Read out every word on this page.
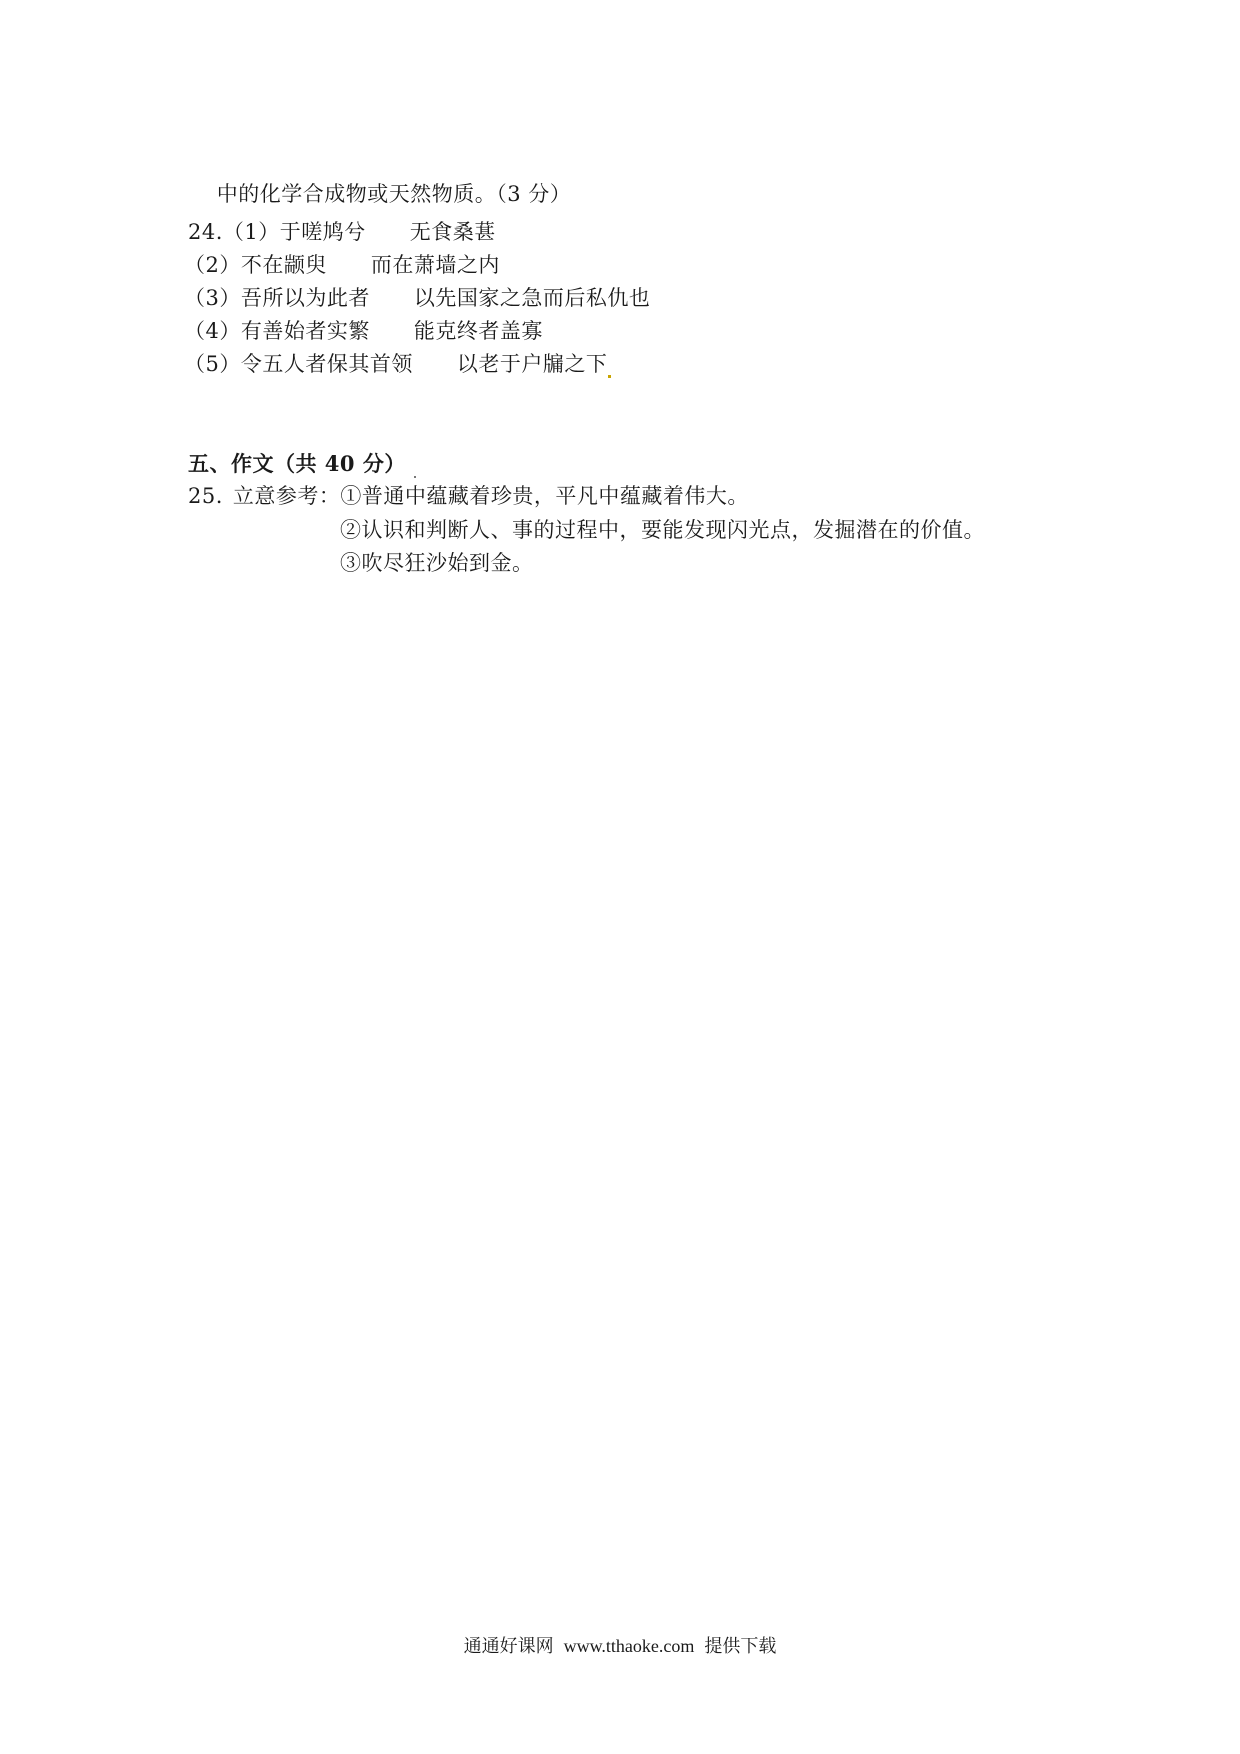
中的化学合成物或天然物质。（3 分）

24.（1）于嗟鸠兮 无食桑葚
（2）不在颛臾 而在萧墙之内
（3）吾所以为此者 以先国家之急而后私仇也
（4）有善始者实繁 能克终者盖寡
（5）令五人者保其首领 以老于户牖之下
五、作文（共 40 分）
25. 立意参考：①普通中蕴藏着珍贵，平凡中蕴藏着伟大。
②认识和判断人、事的过程中，要能发现闪光点，发掘潜在的价值。
③吹尽狂沙始到金。
通通好课网 www.tthaoke.com 提供下载
